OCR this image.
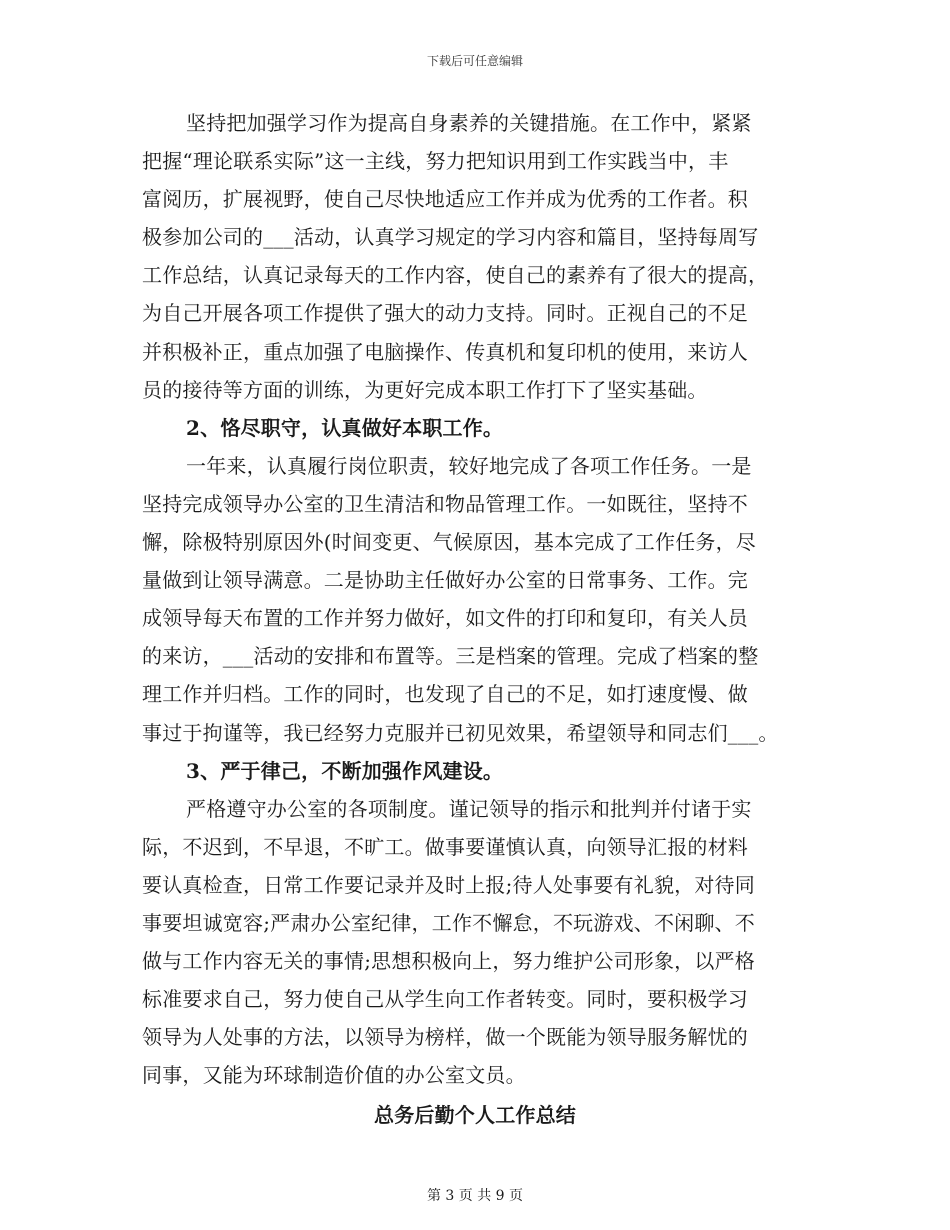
下载后可任意编辑
坚持把加强学习作为提高自身素养的关键措施。在工作中，紧紧
把握“理论联系实际”这一主线，努力把知识用到工作实践当中，丰
富阅历，扩展视野，使自己尽快地适应工作并成为优秀的工作者。积
极参加公司的___活动，认真学习规定的学习内容和篇目，坚持每周写
工作总结，认真记录每天的工作内容，使自己的素养有了很大的提高，
为自己开展各项工作提供了强大的动力支持。同时。正视自己的不足
并积极补正，重点加强了电脑操作、传真机和复印机的使用，来访人
员的接待等方面的训练，为更好完成本职工作打下了坚实基础。
2、恪尽职守，认真做好本职工作。
一年来，认真履行岗位职责，较好地完成了各项工作任务。一是
坚持完成领导办公室的卫生清洁和物品管理工作。一如既往，坚持不
懈，除极特别原因外(时间变更、气候原因，基本完成了工作任务，尽
量做到让领导满意。二是协助主任做好办公室的日常事务、工作。完
成领导每天布置的工作并努力做好，如文件的打印和复印，有关人员
的来访，___活动的安排和布置等。三是档案的管理。完成了档案的整
理工作并归档。工作的同时，也发现了自己的不足，如打速度慢、做
事过于拘谨等，我已经努力克服并已初见效果，希望领导和同志们___。
3、严于律己，不断加强作风建设。
严格遵守办公室的各项制度。谨记领导的指示和批判并付诸于实
际，不迟到，不早退，不旷工。做事要谨慎认真，向领导汇报的材料
要认真检查，日常工作要记录并及时上报;待人处事要有礼貌，对待同
事要坦诚宽容;严肃办公室纪律，工作不懈怠，不玩游戏、不闲聊、不
做与工作内容无关的事情;思想积极向上，努力维护公司形象，以严格
标准要求自己，努力使自己从学生向工作者转变。同时，要积极学习
领导为人处事的方法，以领导为榜样，做一个既能为领导服务解忧的
同事，又能为环球制造价值的办公室文员。
总务后勤个人工作总结
第 3 页 共 9 页
